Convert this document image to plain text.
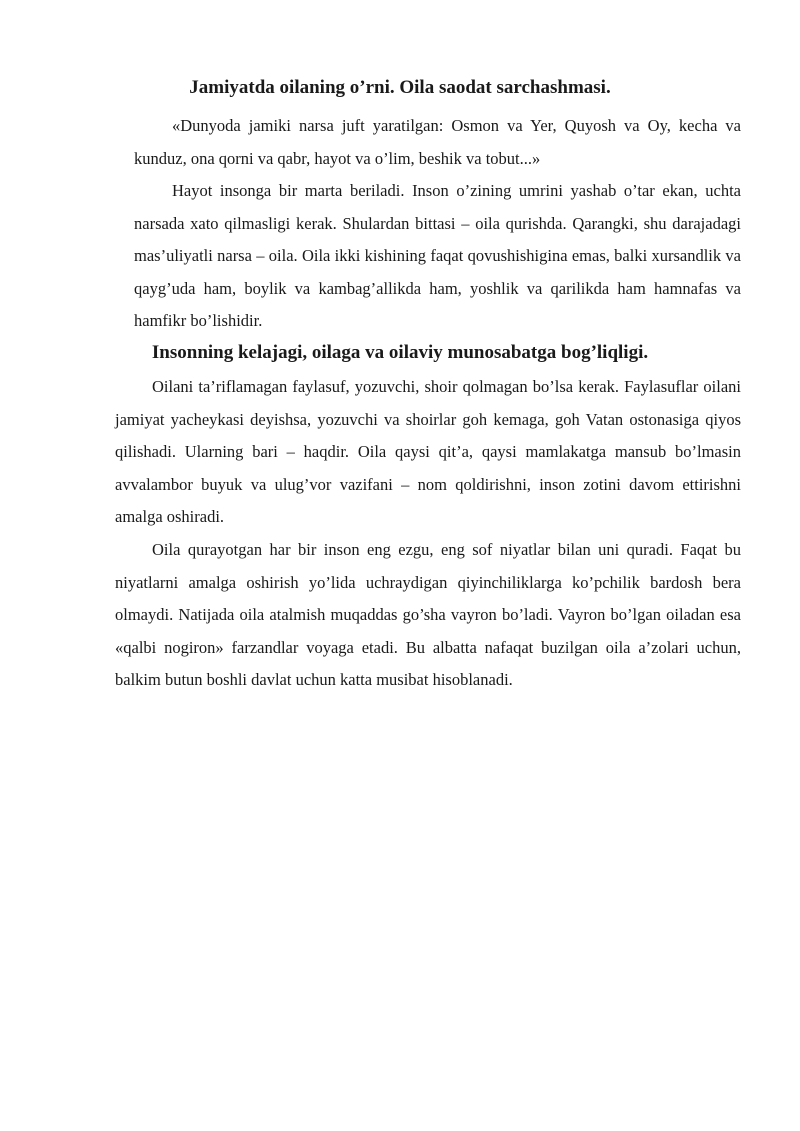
Jamiyatda oilaning o’rni. Oila saodat sarchashmasi.

«Dunyoda jamiki narsa juft yaratilgan: Osmon va Yer, Quyosh va Oy, kecha va kunduz, ona qorni va qabr, hayot va o’lim, beshik va tobut...»

Hayot insonga bir marta beriladi. Inson o’zining umrini yashab o’tar ekan, uchta narsada xato qilmasligi kerak. Shulardan bittasi – oila qurishda. Qarangki, shu darajadagi mas’uliyatli narsa – oila. Oila ikki kishining faqat qovushishigina emas, balki xursandlik va qayg’uda ham, boylik va kambag’allikda ham, yoshlik va qarilikda ham hamnafas va hamfikr bo’lishidir.

Insonning kelajagi, oilaga va oilaviy munosabatga bog’liqligi.

Oilani ta’riflamagan faylasuf, yozuvchi, shoir qolmagan bo’lsa kerak. Faylasuflar oilani jamiyat yacheykasi deyishsa, yozuvchi va shoirlar goh kemaga, goh Vatan ostonasiga qiyos qilishadi. Ularning bari – haqdir. Oila qaysi qit’a, qaysi mamlakatga mansub bo’lmasin avvalambor buyuk va ulug’vor vazifani – nom qoldirishni, inson zotini davom ettirishni amalga oshiradi.

Oila qurayotgan har bir inson eng ezgu, eng sof niyatlar bilan uni quradi. Faqat bu niyatlarni amalga oshirish yo’lida uchraydigan qiyinchiliklarga ko’pchilik bardosh bera olmaydi. Natijada oila atalmish muqaddas go’sha vayron bo’ladi. Vayron bo’lgan oiladan esa «qalbi nogiron» farzandlar voyaga etadi. Bu albatta nafaqat buzilgan oila a’zolari uchun, balkim butun boshli davlat uchun katta musibat hisoblanadi.
